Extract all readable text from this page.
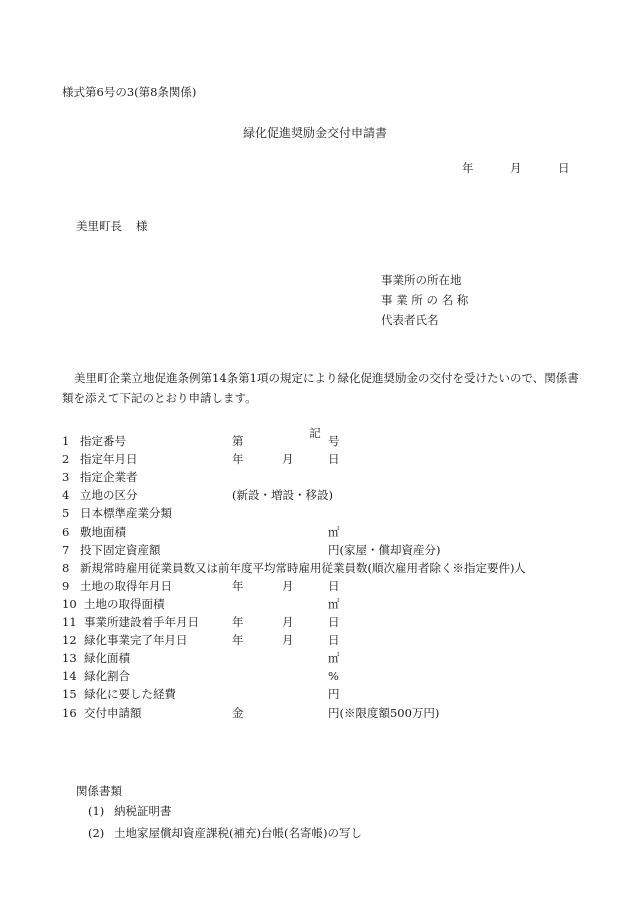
様式第6号の3(第8条関係)
緑化促進奨励金交付申請書
年	月	日
美里町長 様
事業所の所在地
事 業 所 の 名 称
代表者氏名
美里町企業立地促進条例第14条第1項の規定により緑化促進奨励金の交付を受けたいので、関係書類を添えて下記のとおり申請します。
記
1 指定番号	第	号
2 指定年月日	年	月	日
3 指定企業者
4 立地の区分	(新設・増設・移設)
5 日本標準産業分類
6 敷地面積	㎡
7 投下固定資産額	円(家屋・償却資産分)
8 新規常時雇用従業員数又は前年度平均常時雇用従業員数(順次雇用者除く※指定要件) 人
9 土地の取得年月日	年	月	日
10 土地の取得面積	㎡
11 事業所建設着手年月日	年	月	日
12 緑化事業完了年月日	年	月	日
13 緑化面積	㎡
14 緑化割合	%
15 緑化に要した経費	円
16 交付申請額	金	円(※限度額500万円)
関係書類
(1) 納税証明書
(2) 土地家屋償却資産課税(補充)台帳(名寄帳)の写し
